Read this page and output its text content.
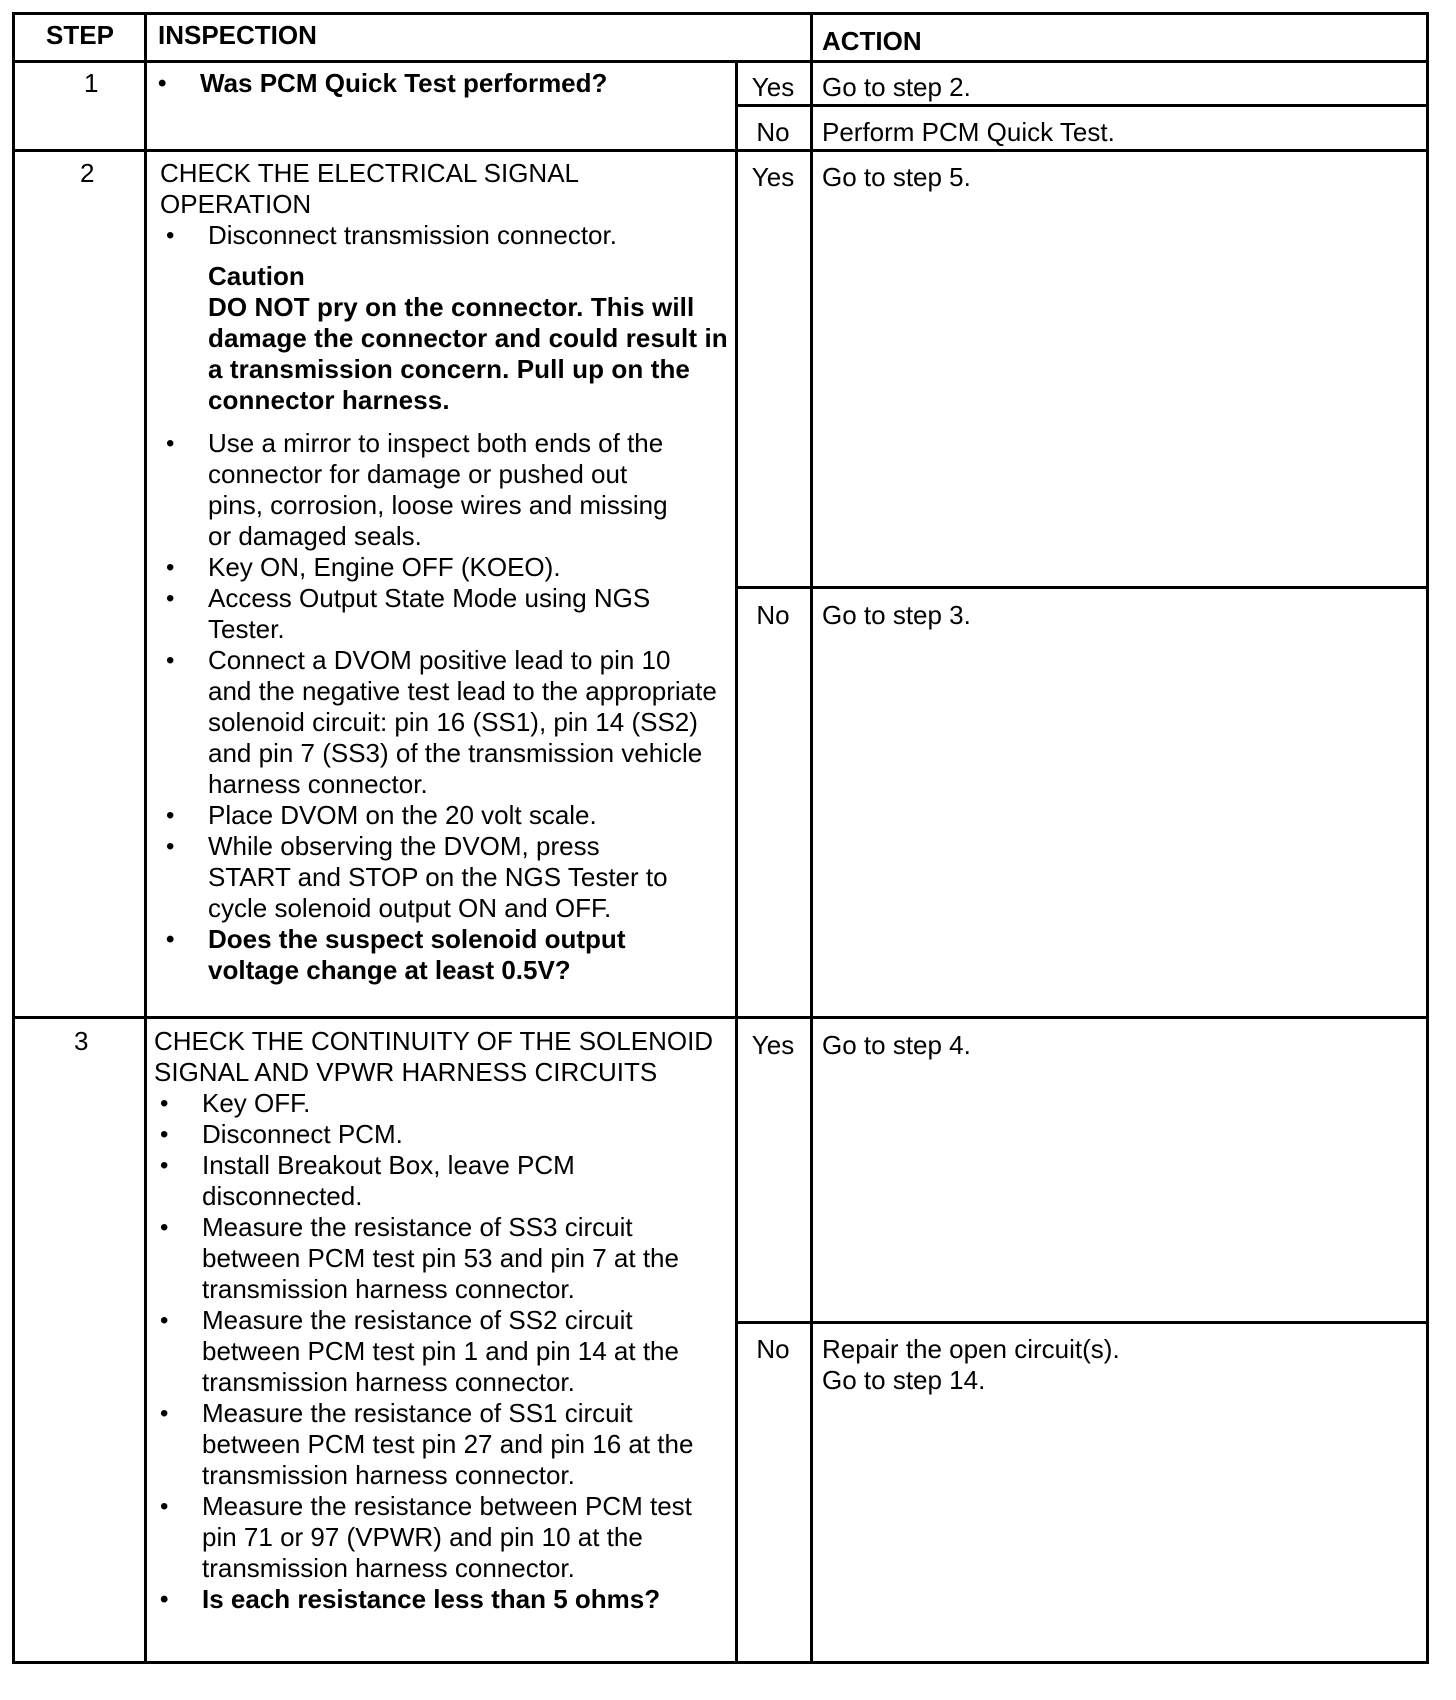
STEP INSPECTION	ACTION
1
•	Was PCM Quick Test performed?	Yes	Go to step 2.
No	Perform PCM Quick Test.
2	CHECK THE ELECTRICAL SIGNAL OPERATION
• Disconnect transmission connector.
Caution
DO NOT pry on the connector. This will damage the connector and could result in a transmission concern. Pull up on the connector harness.
• Use a mirror to inspect both ends of the connector for damage or pushed out pins, corrosion, loose wires and missing or damaged seals.
• Key ON, Engine OFF (KOEO).
• Access Output State Mode using NGS Tester.
• Connect a DVOM positive lead to pin 10 and the negative test lead to the appropriate solenoid circuit: pin 16 (SS1), pin 14 (SS2) and pin 7 (SS3) of the transmission vehicle harness connector.
• Place DVOM on the 20 volt scale.
• While observing the DVOM, press START and STOP on the NGS Tester to cycle solenoid output ON and OFF.
• Does the suspect solenoid output voltage change at least 0.5V?
Yes	Go to step 5.
No	Go to step 3.
3	CHECK THE CONTINUITY OF THE SOLENOID SIGNAL AND VPWR HARNESS CIRCUITS
• Key OFF.
• Disconnect PCM.
• Install Breakout Box, leave PCM disconnected.
• Measure the resistance of SS3 circuit between PCM test pin 53 and pin 7 at the transmission harness connector.
• Measure the resistance of SS2 circuit between PCM test pin 1 and pin 14 at the transmission harness connector.
• Measure the resistance of SS1 circuit between PCM test pin 27 and pin 16 at the transmission harness connector.
• Measure the resistance between PCM test pin 71 or 97 (VPWR) and pin 10 at the transmission harness connector.
• Is each resistance less than 5 ohms?
Yes	Go to step 4.
No	Repair the open circuit(s).
Go to step 14.
